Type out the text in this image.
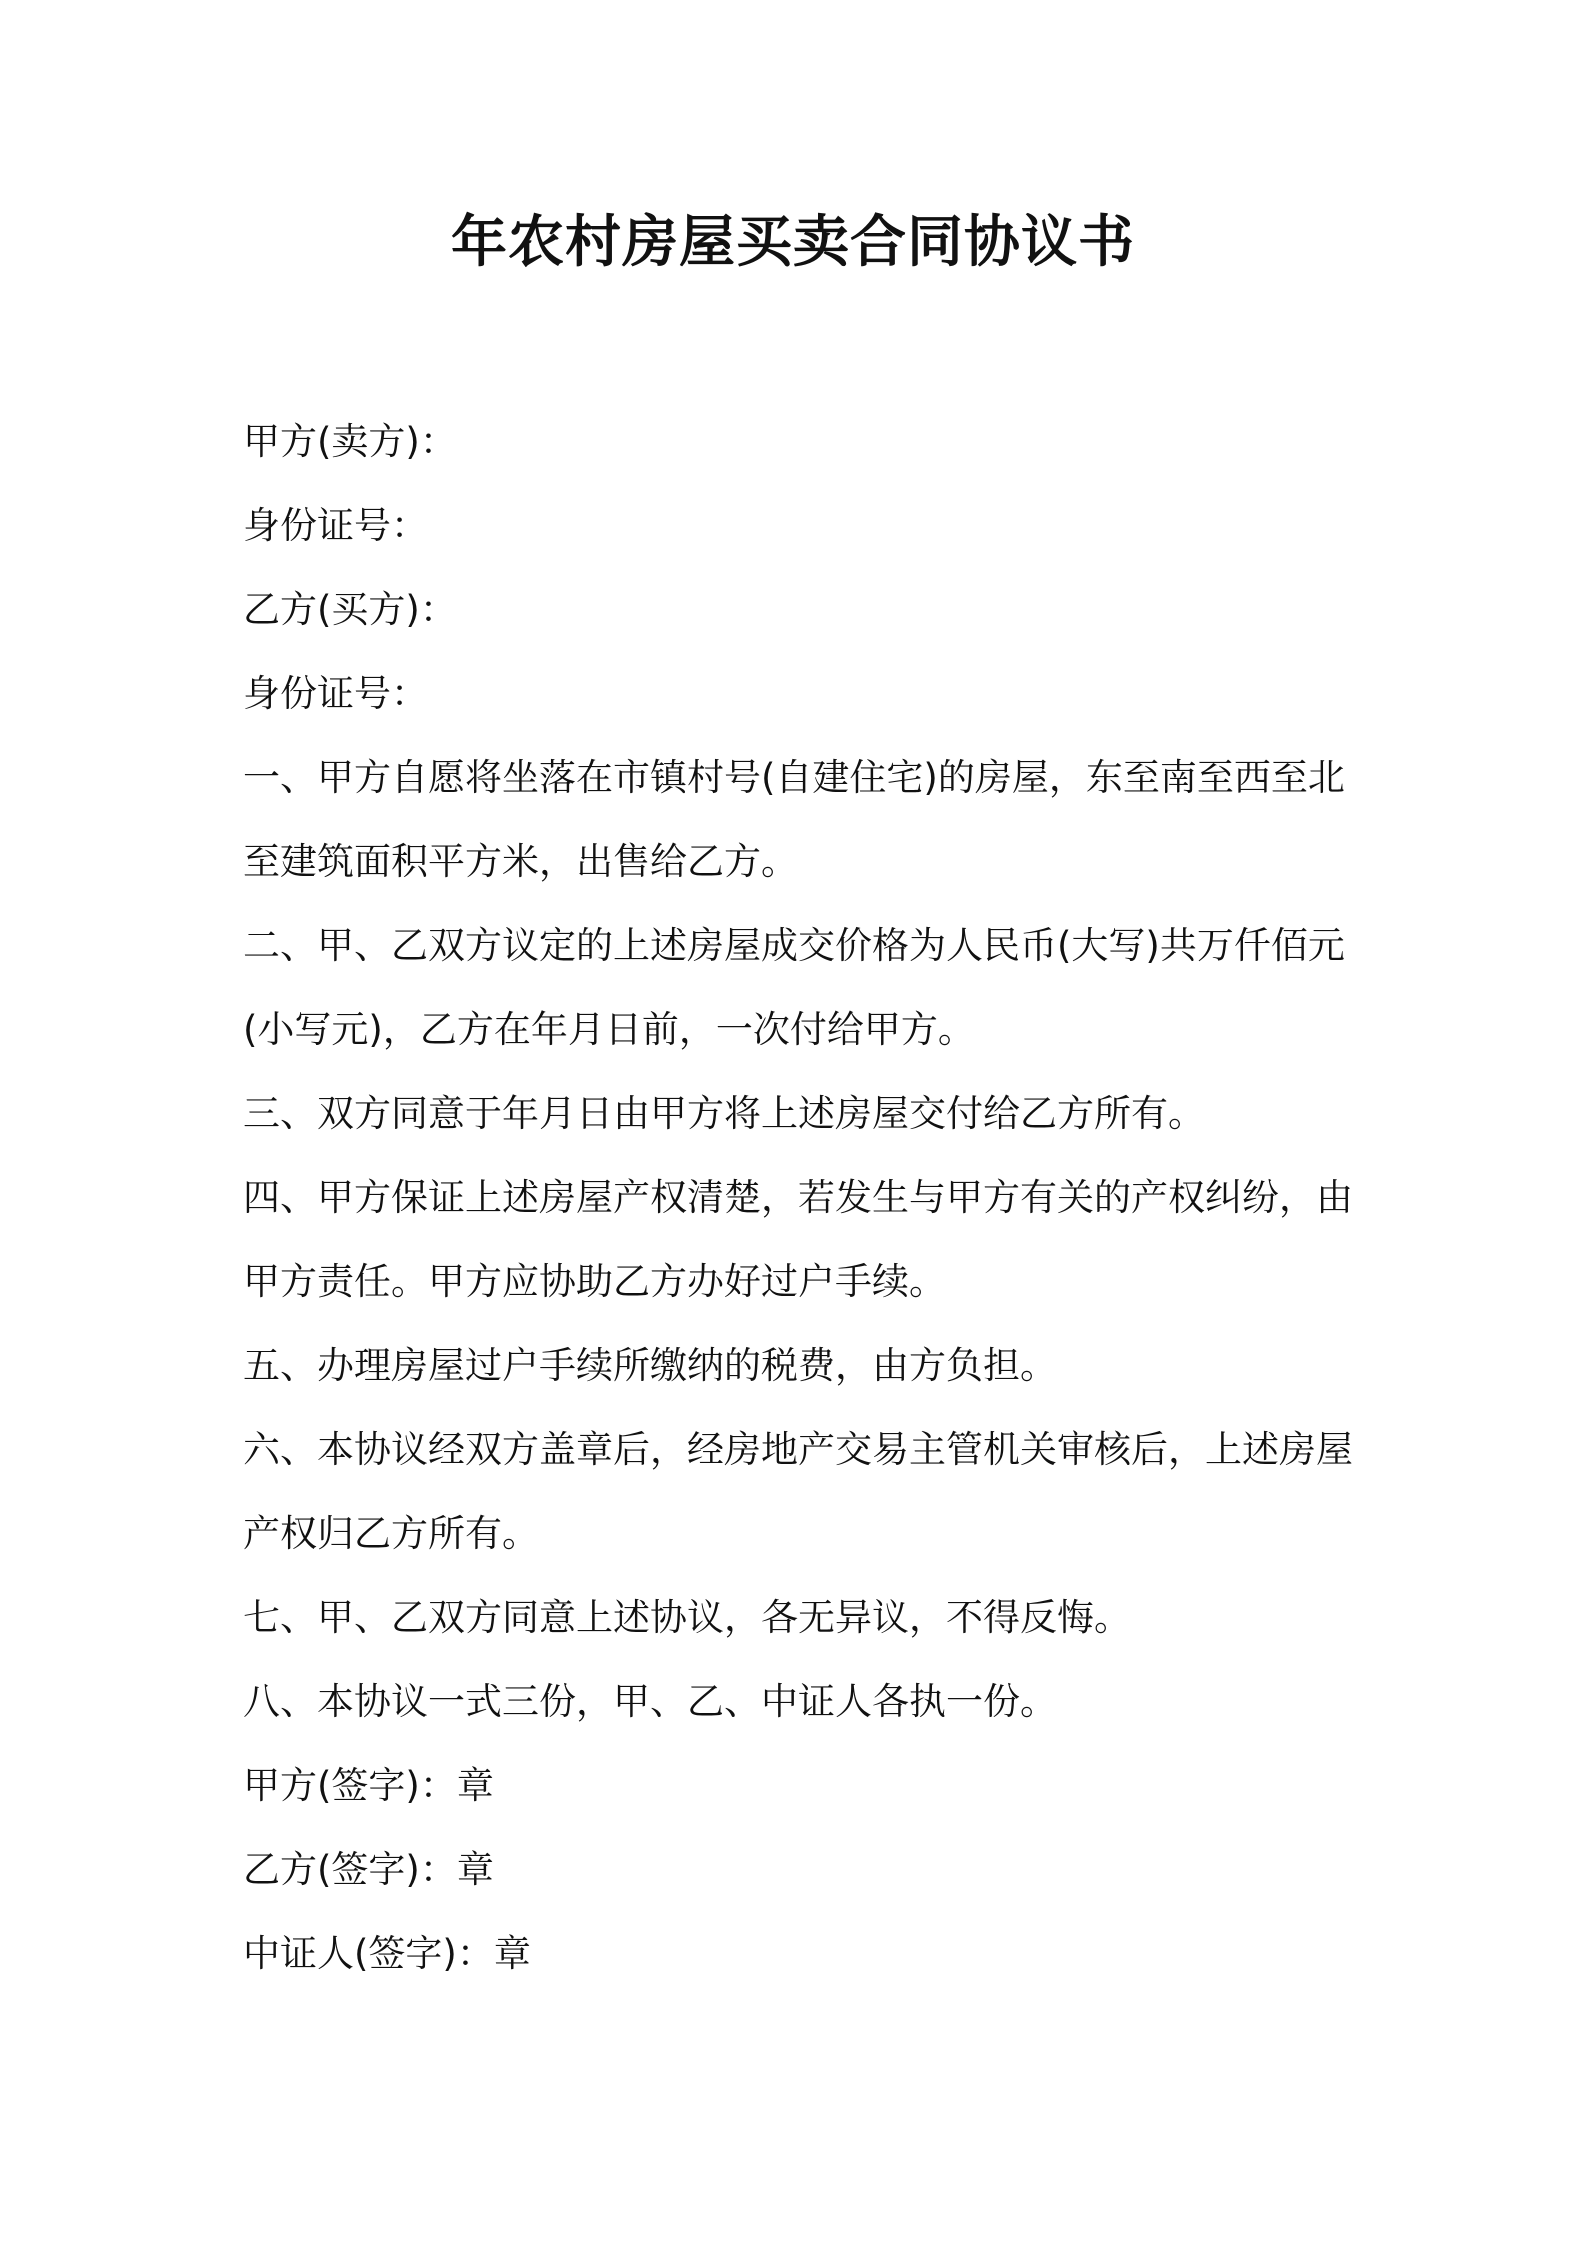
年农村房屋买卖合同协议书

甲方(卖方)：

身份证号：

乙方(买方)：

身份证号：

一、甲方自愿将坐落在市镇村号(自建住宅)的房屋，东至南至西至北

至建筑面积平方米，出售给乙方。

二、甲、乙双方议定的上述房屋成交价格为人民币(大写)共万仟佰元

(小写元)，乙方在年月日前，一次付给甲方。

三、双方同意于年月日由甲方将上述房屋交付给乙方所有。

四、甲方保证上述房屋产权清楚，若发生与甲方有关的产权纠纷，由

甲方责任。甲方应协助乙方办好过户手续。

五、办理房屋过户手续所缴纳的税费，由方负担。

六、本协议经双方盖章后，经房地产交易主管机关审核后，上述房屋

产权归乙方所有。

七、甲、乙双方同意上述协议，各无异议，不得反悔。

八、本协议一式三份，甲、乙、中证人各执一份。

甲方(签字)：章

乙方(签字)：章

中证人(签字)：章
